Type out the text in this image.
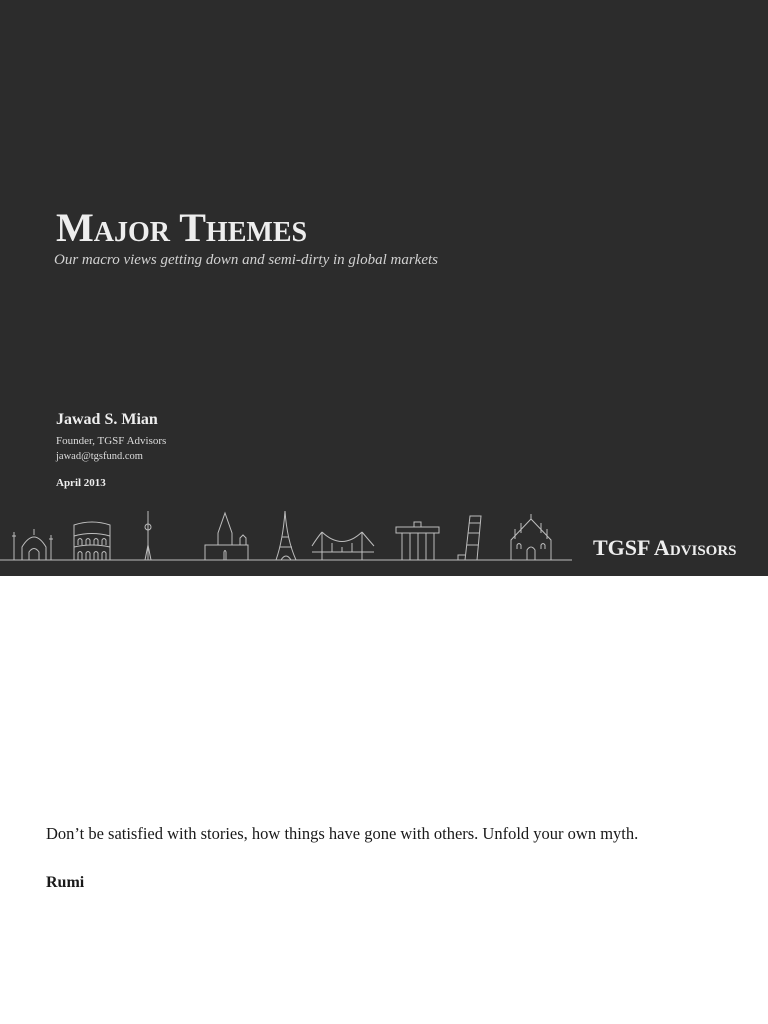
Major Themes

Our macro views getting down and semi-dirty in global markets

Jawad S. Mian

Founder, TGSF Advisors

jawad@tgsfund.com

April 2013

TGSF Advisors

Don’t be satisfied with stories, how things have gone with others. Unfold your own myth.

Rumi
